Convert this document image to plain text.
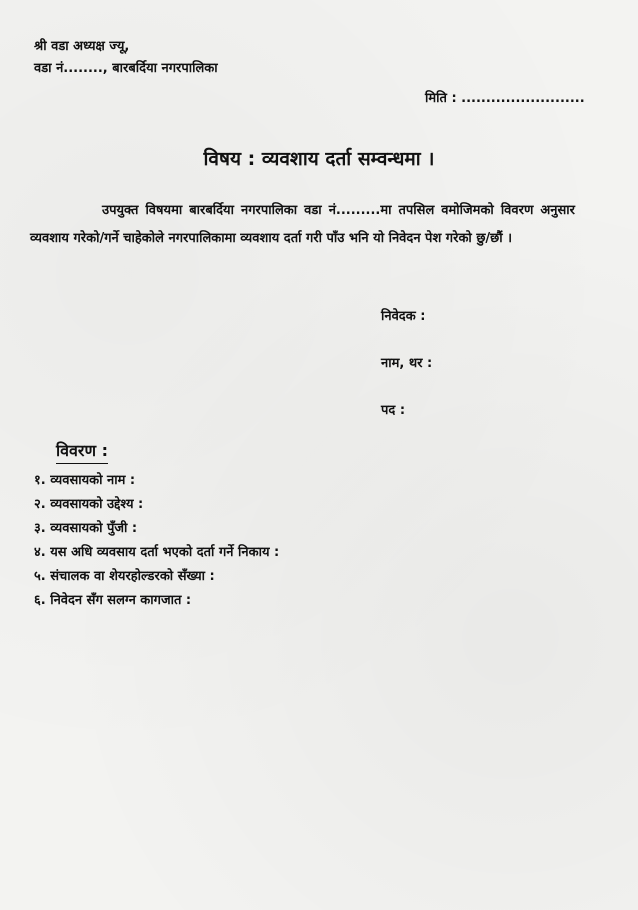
श्री वडा अध्यक्ष ज्यू,
वडा नं........, बारबर्दिया नगरपालिका
मिति : .........................
विषय : व्यवशाय दर्ता सम्वन्धमा ।

उपयुक्त विषयमा बारबर्दिया नगरपालिका वडा नं.........मा तपसिल वमोजिमको विवरण अनुसार व्यवशाय गरेको/गर्ने चाहेकोले नगरपालिकामा व्यवशाय दर्ता गरी पाँउ भनि यो निवेदन पेश गरेको छु/छौं ।

निवेदक :
नाम, थर :
पद :
विवरण :
१. व्यवसायको नाम :
२. व्यवसायको उद्देश्य :
३. व्यवसायको पुँजी :
४. यस अधि व्यवसाय दर्ता भएको दर्ता गर्ने निकाय :
५. संचालक वा शेयरहोल्डरको सँख्या :
६. निवेदन सँग सलग्न कागजात :
